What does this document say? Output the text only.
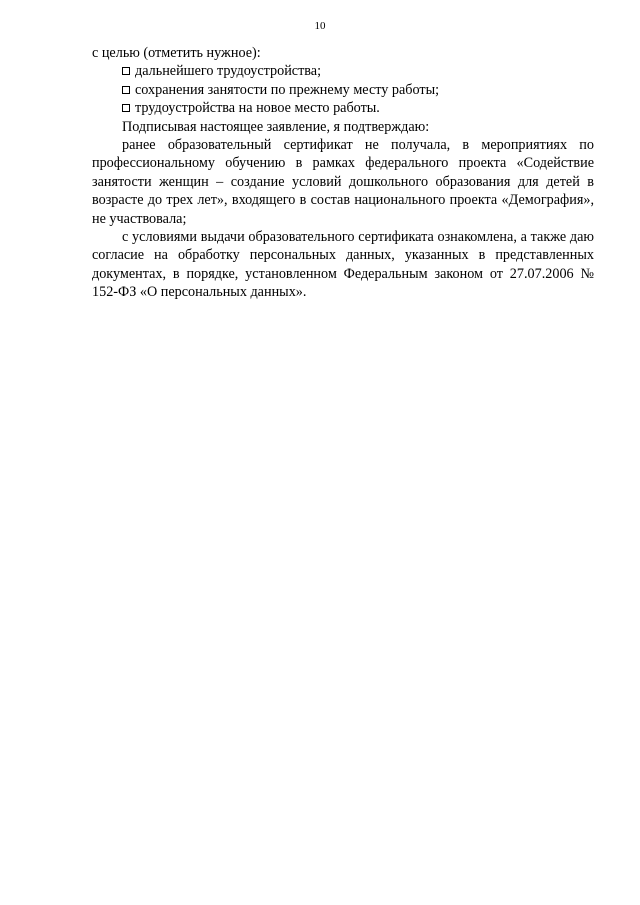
10

с целью (отметить нужное):

дальнейшего трудоустройства;
сохранения занятости по прежнему месту работы;
трудоустройства на новое место работы.

Подписывая настоящее заявление, я подтверждаю:

ранее образовательный сертификат не получала, в мероприятиях по профессиональному обучению в рамках федерального проекта «Содействие занятости женщин – создание условий дошкольного образования для детей в возрасте до трех лет», входящего в состав национального проекта «Демография», не участвовала;

с условиями выдачи образовательного сертификата ознакомлена, а также даю согласие на обработку персональных данных, указанных в представленных документах, в порядке, установленном Федеральным законом от 27.07.2006 № 152-ФЗ «О персональных данных».
